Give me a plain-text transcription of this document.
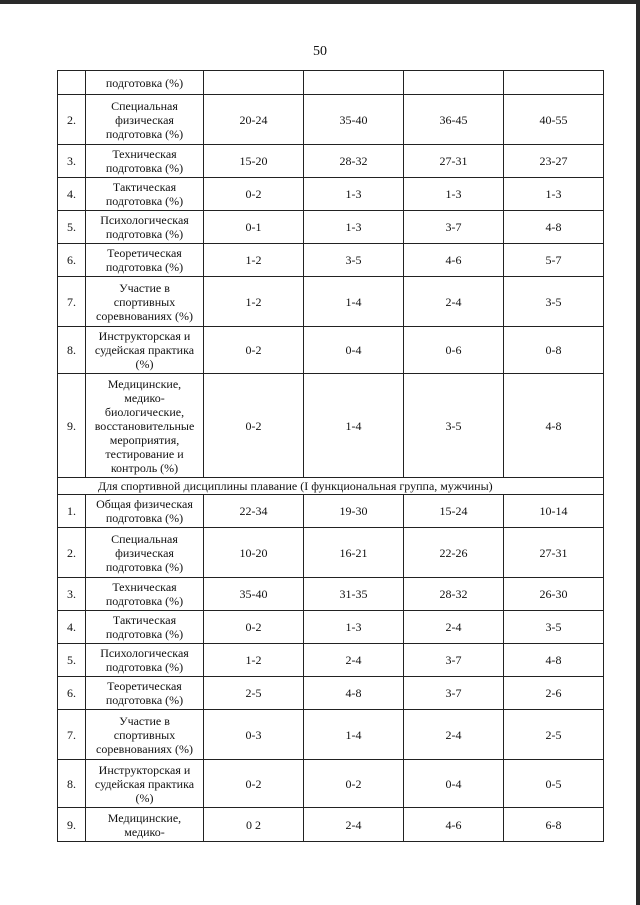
50
	подготовка (%)				
2.	Специальная физическая подготовка (%)	20-24	35-40	36-45	40-55
3.	Техническая подготовка (%)	15-20	28-32	27-31	23-27
4.	Тактическая подготовка (%)	0-2	1-3	1-3	1-3
5.	Психологическая подготовка (%)	0-1	1-3	3-7	4-8
6.	Теоретическая подготовка (%)	1-2	3-5	4-6	5-7
7.	Участие в спортивных соревнованиях (%)	1-2	1-4	2-4	3-5
8.	Инструкторская и судейская практика (%)	0-2	0-4	0-6	0-8
9.	Медицинские, медико-биологические, восстановительные мероприятия, тестирование и контроль (%)	0-2	1-4	3-5	4-8
Для спортивной дисциплины плавание (I функциональная группа, мужчины)					
1.	Общая физическая подготовка (%)	22-34	19-30	15-24	10-14
2.	Специальная физическая подготовка (%)	10-20	16-21	22-26	27-31
3.	Техническая подготовка (%)	35-40	31-35	28-32	26-30
4.	Тактическая подготовка (%)	0-2	1-3	2-4	3-5
5.	Психологическая подготовка (%)	1-2	2-4	3-7	4-8
6.	Теоретическая подготовка (%)	2-5	4-8	3-7	2-6
7.	Участие в спортивных соревнованиях (%)	0-3	1-4	2-4	2-5
8.	Инструкторская и судейская практика (%)	0-2	0-2	0-4	0-5
9.	Медицинские, медико-	0 2	2-4	4-6	6-8
